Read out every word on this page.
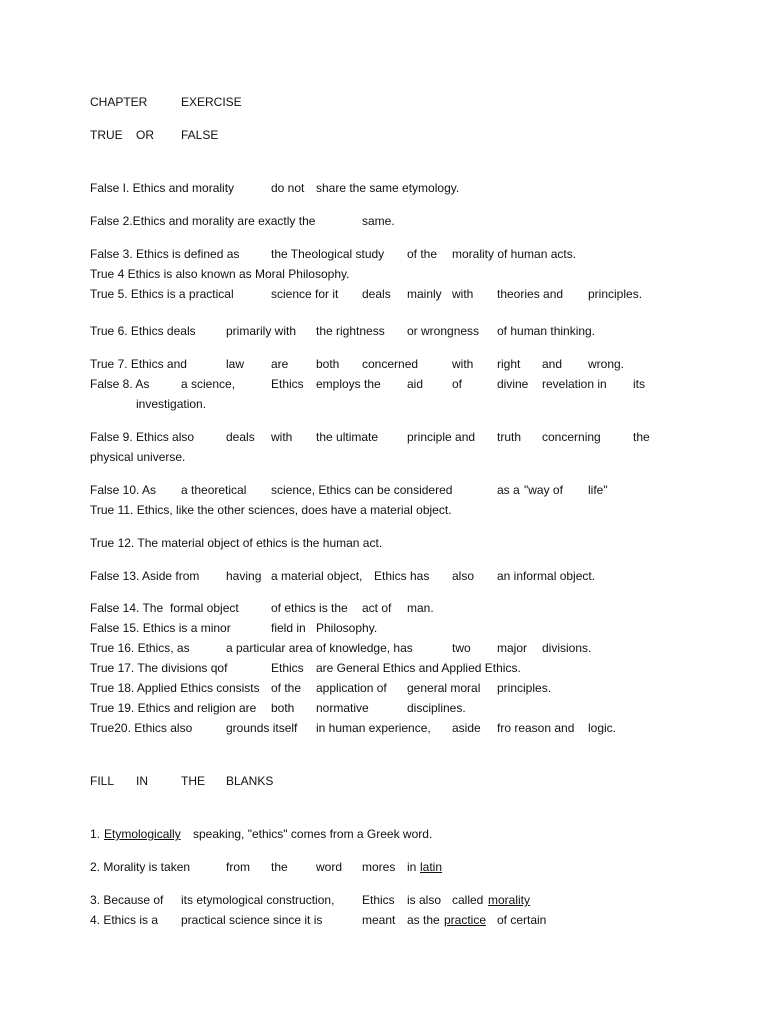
CHAPTER	EXERCISE
TRUE OR FALSE
False I. Ethics and morality	do not share the same etymology.
False 2.Ethics and morality are exactly the	same.
False 3. Ethics is defined as	the Theological study of the morality of human acts.
True 4 Ethics is also known as Moral Philosophy.
True 5. Ethics is a practical	science for it deals mainly with theories and principles.
True 6. Ethics deals	primarily with the rightness or wrongness of human thinking.
True 7. Ethics and	law are both concerned	with right and wrong.
False 8. As	a science,	Ethics employs the aid of	divine revelation in its
investigation.
False 9. Ethics also	deals with the ultimate principle and truth concerning	the
physical universe.
False 10. As a theoretical science, Ethics can be considered	as a "way of life"
True 11. Ethics, like the other sciences, does have a material object.
True 12. The material object of ethics is the human act.
False 13. Aside from having a material object, Ethics has also an informal object.
False 14. The formal object	of ethics is the act of man.
False 15. Ethics is a minor	field in Philosophy.
True 16. Ethics, as	a particular area of knowledge, has	two major divisions.
True 17. The divisions qof	Ethics are General Ethics and Applied Ethics.
True 18. Applied Ethics consists of the application of general moral principles.
True 19. Ethics and religion are both normative	disciplines.
True20. Ethics also	grounds itself in human experience, aside fro reason and logic.
FILL IN	THE BLANKS
1. Etymologically speaking, "ethics" comes from a Greek word.
2. Morality is taken	from the word mores in latin
3. Because of its etymological construction, Ethics is also called morality
4. Ethics is a practical science since it is	meant as the practice of certain
